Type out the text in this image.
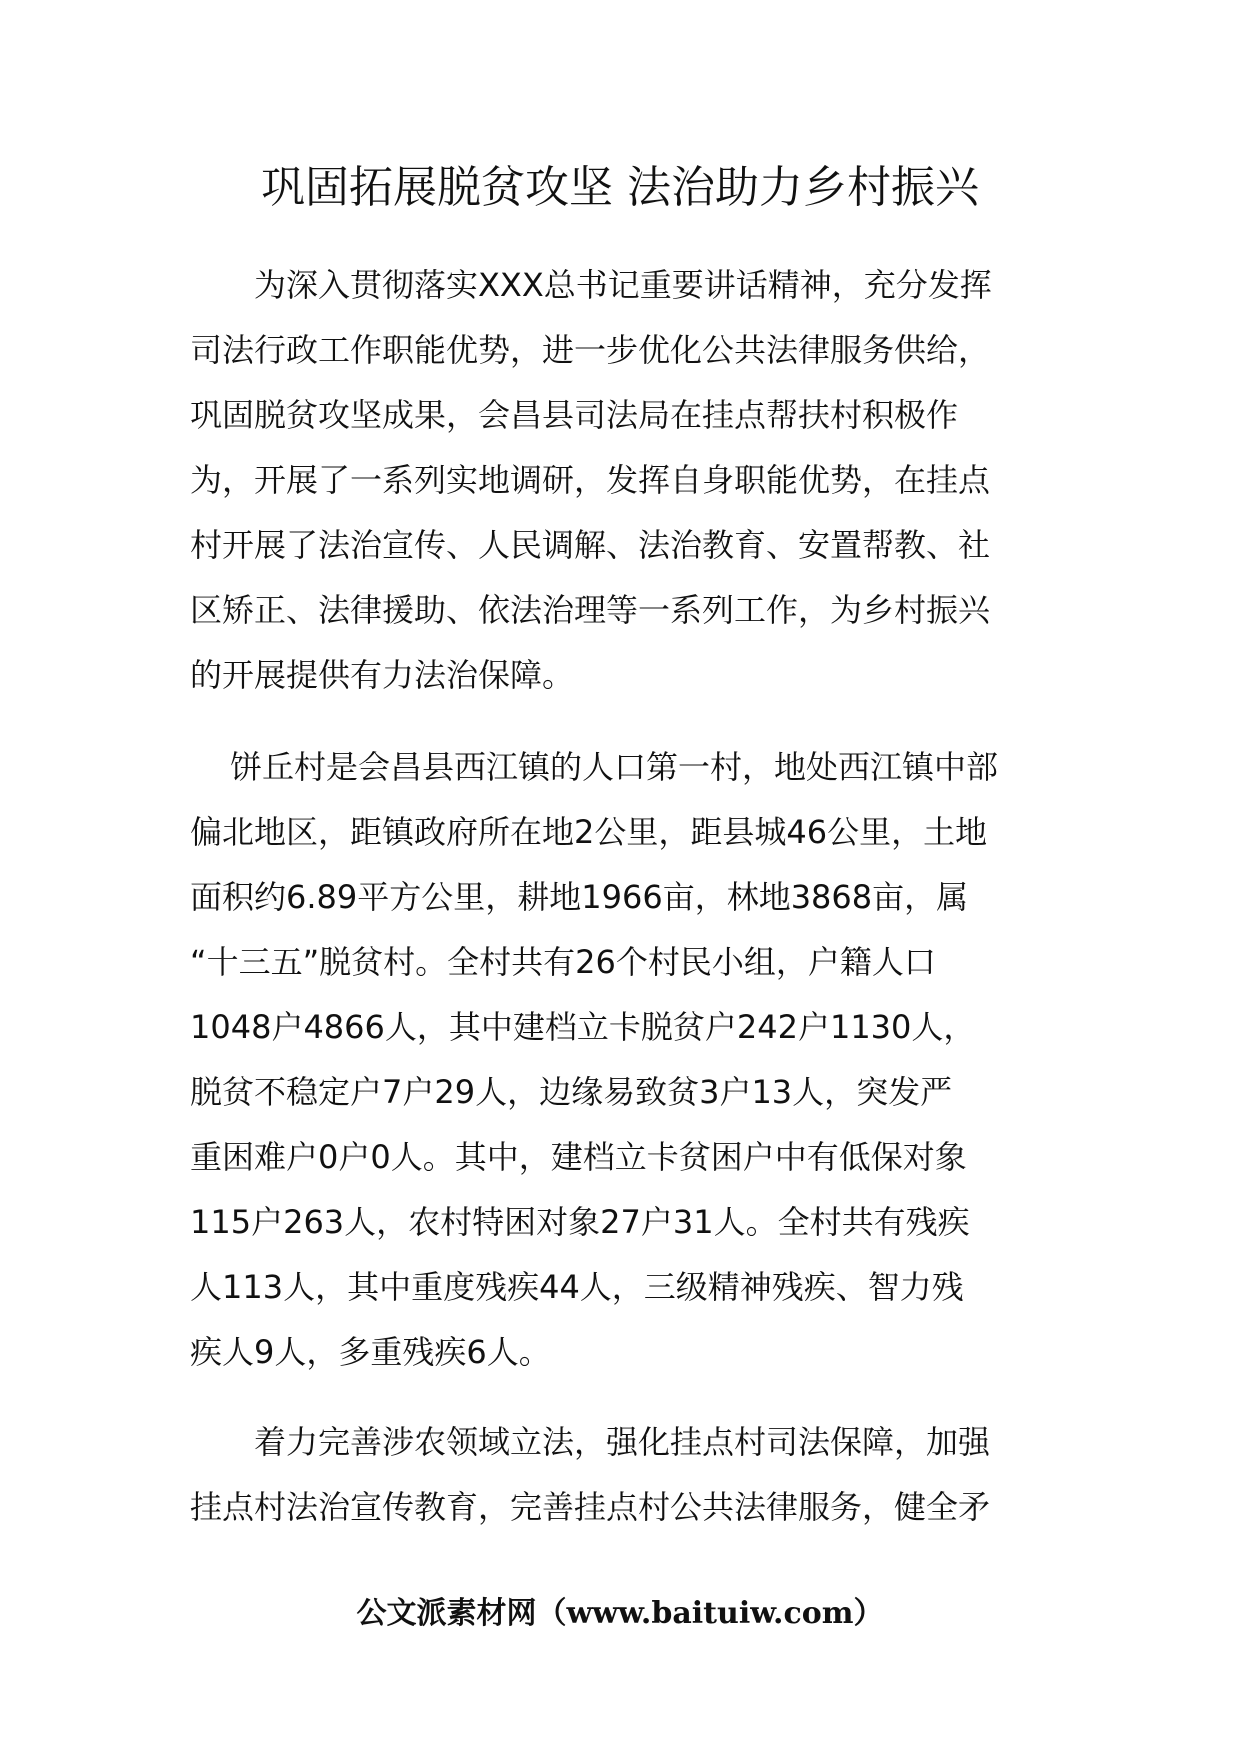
巩固拓展脱贫攻坚 法治助力乡村振兴
为深入贯彻落实XXX总书记重要讲话精神，充分发挥
司法行政工作职能优势，进一步优化公共法律服务供给，
巩固脱贫攻坚成果，会昌县司法局在挂点帮扶村积极作
为，开展了一系列实地调研，发挥自身职能优势，在挂点
村开展了法治宣传、人民调解、法治教育、安置帮教、社
区矫正、法律援助、依法治理等一系列工作，为乡村振兴
的开展提供有力法治保障。
饼丘村是会昌县西江镇的人口第一村，地处西江镇中部
偏北地区，距镇政府所在地2公里，距县城46公里，土地
面积约6.89平方公里，耕地1966亩，林地3868亩，属
“十三五”脱贫村。全村共有26个村民小组，户籍人口
1048户4866人，其中建档立卡脱贫户242户1130人，
脱贫不稳定户7户29人，边缘易致贫3户13人，突发严
重困难户0户0人。其中，建档立卡贫困户中有低保对象
115户263人，农村特困对象27户31人。全村共有残疾
人113人，其中重度残疾44人，三级精神残疾、智力残
疾人9人，多重残疾6人。
着力完善涉农领域立法，强化挂点村司法保障，加强
挂点村法治宣传教育，完善挂点村公共法律服务，健全矛
公文派素材网（www.baituiw.com）
